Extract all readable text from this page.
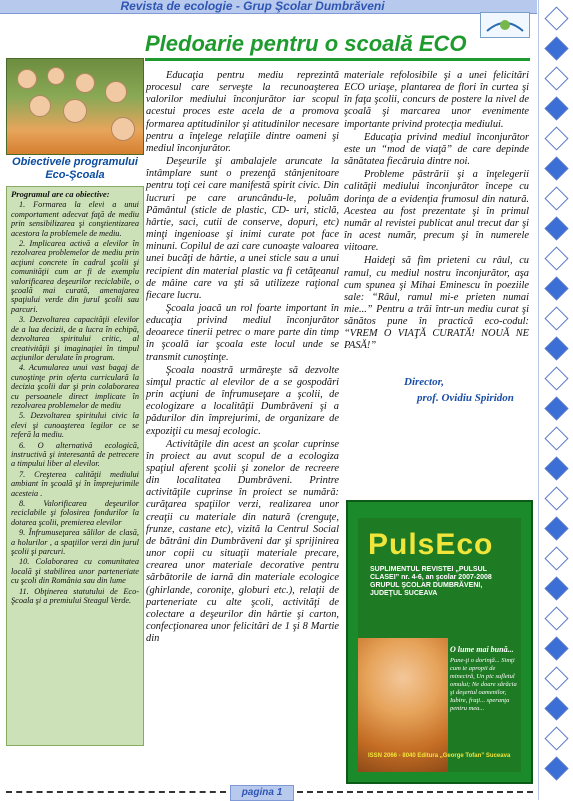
Revista de ecologie - Grup Şcolar Dumbrăveni
Pledoarie pentru o scoală ECO
Obiectivele programului Eco-Şcoala
Programul are ca obiective:
1. Formarea la elevi a unui comportament adecvat faţă de mediu prin sensibilizarea şi conştientizarea acestora la problemele de mediu.
2. Implicarea activă a elevilor în rezolvarea problemelor de mediu prin acţiuni concrete în cadrul şcolii şi comunităţii cum ar fi de exemplu valorificarea deşeurilor reciclabile, o şcoală mai curată, amenajarea spaţiului verde din jurul şcolii sau parcuri.
3. Dezvoltarea capacităţii elevilor de a lua decizii, de a lucra în echipă, dezvoltarea spiritului critic, al creativităţii şi imaginaţiei în timpul acţiunilor derulate în program.
4. Acumularea unui vast bagaj de cunoştinţe prin oferta curriculară la decizia şcolii dar şi prin colaborarea cu persoanele direct implicate în rezolvarea problemelor de mediu
5. Dezvoltarea spiritului civic la elevi şi cunoaşterea legilor ce se referă la mediu.
6. O alternativă ecologică, instructivă şi interesantă de petrecere a timpului liber al elevilor.
7. Creşterea calităţii mediului ambiant în şcoală şi în împrejurimile acesteia .
8. Valorificarea deşeurilor reciclabile şi folosirea fondurilor la dotarea şcolii, premierea elevilor
9. Înfrumuseţarea sălilor de clasă, a holurilor , a spaţiilor verzi din jurul şcolii şi parcuri.
10. Colaborarea cu comunitatea locală şi stabilirea unor parteneriate cu şcoli din România sau din lume
11. Obţinerea statutului de Eco-Şcoala şi a premiului Steagul Verde.

Educaţia pentru mediu reprezintă procesul care serveşte la recunoaşterea valorilor mediului înconjurător iar scopul acestui proces este acela de a promova formarea aptitudinilor şi atitudinilor necesare pentru a înţelege relaţiile dintre oameni şi mediul înconjurător.

Deşeurile şi ambalajele aruncate la întâmplare sunt o prezenţă stânjenitoare pentru toţi cei care manifestă spirit civic. Din lucruri pe care aruncându-le, poluăm Pământul (sticle de plastic, CD- uri, sticlă, hârtie, saci, cutii de conserve, dopuri, etc) minţi ingenioase şi inimi curate pot face minuni. Copilul de azi care cunoaşte valoarea unei bucăţi de hârtie, a unei sticle sau a unui recipient din material plastic va fi cetăţeanul de mâine care va şti să utilizeze raţional fiecare lucru.

Şcoala joacă un rol foarte important în educaţia privind mediul înconjurător deoarece tinerii petrec o mare parte din timp în şcoală iar şcoala este locul unde se transmit cunoştinţe.

Şcoala noastră urmăreşte să dezvolte simţul practic al elevilor de a se gospodări prin acţiuni de înfrumuseţare a şcolii, de ecologizare a localităţii Dumbrăveni şi a pădurilor din împrejurimi, de organizare de expoziţii cu mesaj ecologic.

Activităţile din acest an şcolar cuprinse în proiect au avut scopul de a ecologiza spaţiul aferent şcolii şi zonelor de recreere din localitatea Dumbrăveni. Printre activităţile cuprinse în proiect se numără: curăţarea spaţiilor verzi, realizarea unor creaţii cu materiale din natură (crenguţe, frunze, castane etc), vizită la Centrul Social de bătrâni din Dumbrăveni dar şi sprijinirea unor copii cu situaţii materiale precare, crearea unor materiale decorative pentru sărbătorile de iarnă din materiale ecologice (ghirlande, coroniţe, globuri etc.), relaţii de parteneriate cu alte şcoli, activităţi de colectare a deşeurilor din hârtie şi carton, confecţionarea unor felicitări de 1 şi 8 Martie din

materiale refolosibile şi a unei felicitări ECO uriaşe, plantarea de flori în curtea şi în faţa şcolii, concurs de postere la nivel de şcoală şi marcarea unor evenimente importante privind protecţia mediului.

Educaţia privind mediul înconjurător este un “mod de viaţă” de care depinde sănătatea fiecăruia dintre noi.

Probleme păstrării şi a înţelegerii calităţii mediului înconjurător începe cu dorinţa de a evidenţia frumosul din natură. Acestea au fost prezentate şi în primul număr al revistei publicat anul trecut dar şi în acest număr, precum şi în numerele viitoare.

Haideţi să fim prieteni cu râul, cu ramul, cu mediul nostru înconjurător, aşa cum spunea şi Mihai Eminescu în poeziile sale: “Râul, ramul mi-e prieten numai mie...” Pentru a trăi într-un mediu curat şi sănătos pune în practică eco-codul: “VREM O VIAŢĂ CURATĂ! NOUĂ NE PASĂ!”

Director,
prof. Ovidiu Spiridon
PulsEco
SUPLIMENTUL REVISTEI „PULSUL CLASEI” nr. 4-6, an şcolar 2007-2008 GRUPUL ŞCOLAR DUMBRĂVENI, JUDEŢUL SUCEAVA
O lume mai bună...
Pune-ţi o dorinţă... Simţi cum te apropii de mineciră, Un pic sufletul omului; Ne doare sărăcia şi deşertul oamenilor, Iubire, fraţi... speranţa pentru mea...
ISSN 2066 - 8040 Editura „George Tofan” Suceava
pagina 1
